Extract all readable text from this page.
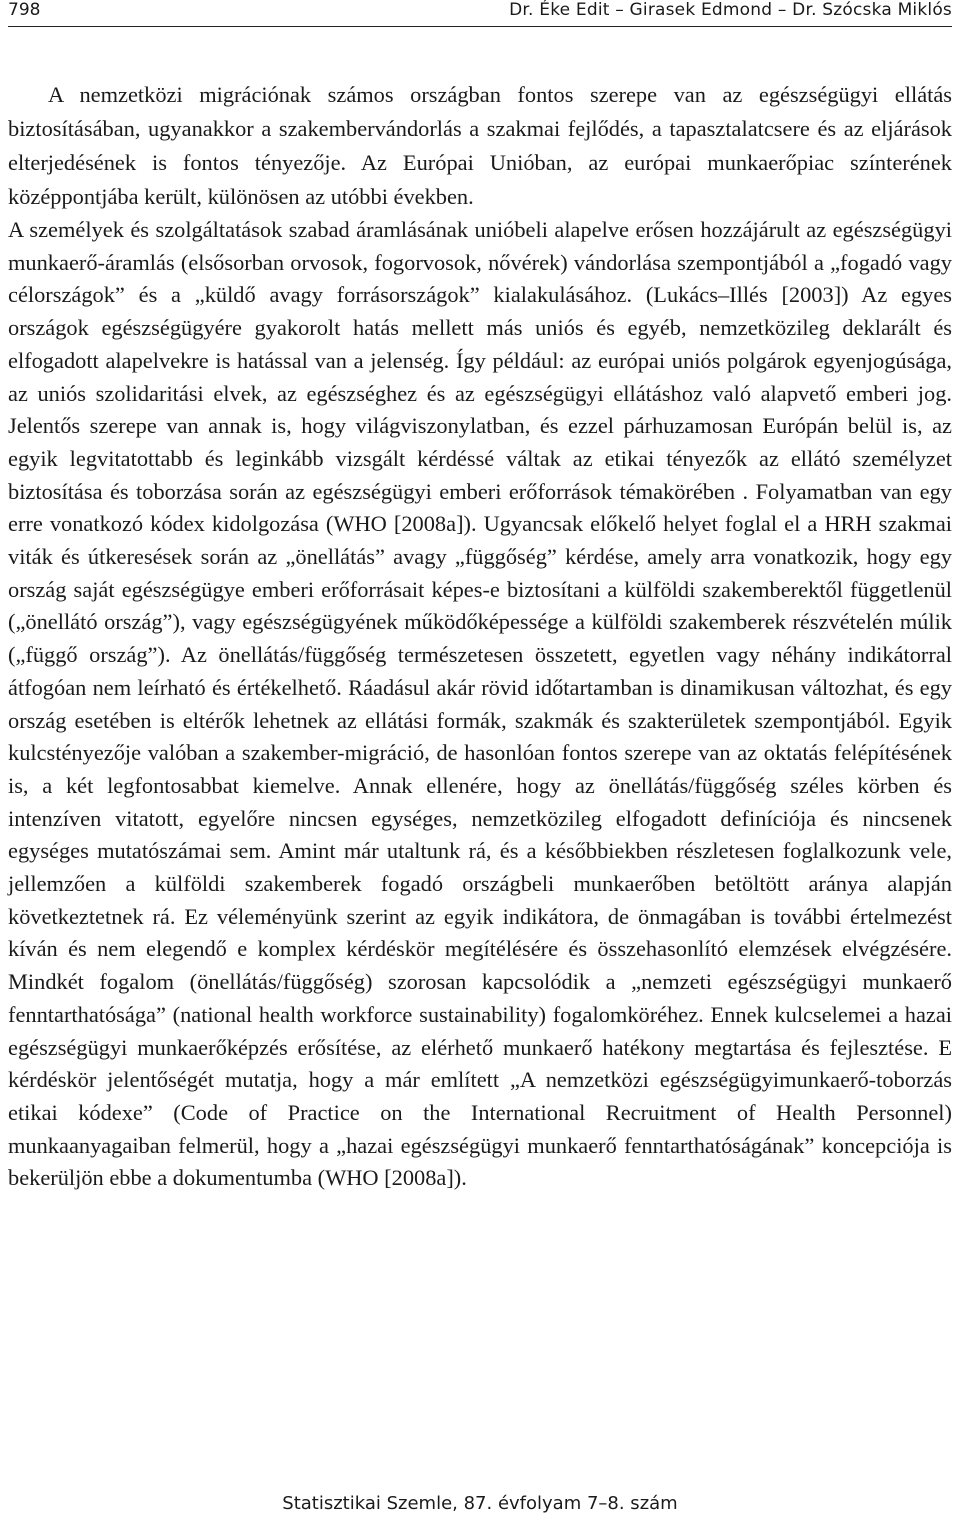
798	Dr. Éke Edit – Girasek Edmond – Dr. Szócska Miklós

A nemzetközi migrációnak számos országban fontos szerepe van az egészségügyi ellátás biztosításában, ugyanakkor a szakembervándorlás a szakmai fejlődés, a tapasztalatcsere és az eljárások elterjedésének is fontos tényezője. Az Európai Unióban, az európai munkaerőpiac színterének középpontjába került, különösen az utóbbi években.

A személyek és szolgáltatások szabad áramlásának unióbeli alapelve erősen hozzájárult az egészségügyi munkaerő-áramlás (elsősorban orvosok, fogorvosok, nővérek) vándorlása szempontjából a „fogadó vagy célországok” és a „küldő avagy forrásországok” kialakulásához. (Lukács–Illés [2003]) Az egyes országok egészségügyére gyakorolt hatás mellett más uniós és egyéb, nemzetközileg deklarált és elfogadott alapelvekre is hatással van a jelenség. Így például: az európai uniós polgárok egyenjogúsága, az uniós szolidaritási elvek, az egészséghez és az egészségügyi ellátáshoz való alapvető emberi jog. Jelentős szerepe van annak is, hogy világviszonylatban, és ezzel párhuzamosan Európán belül is, az egyik legvitatottabb és leginkább vizsgált kérdéssé váltak az etikai tényezők az ellátó személyzet biztosítása és toborzása során az egészségügyi emberi erőforrások témakörében . Folyamatban van egy erre vonatkozó kódex kidolgozása (WHO [2008a]). Ugyancsak előkelő helyet foglal el a HRH szakmai viták és útkeresések során az „önellátás” avagy „függőség” kérdése, amely arra vonatkozik, hogy egy ország saját egészségügye emberi erőforrásait képes-e biztosítani a külföldi szakemberektől függetlenül („önellátó ország”), vagy egészségügyének működőképessége a külföldi szakemberek részvételén múlik („függő ország”). Az önellátás/függőség természetesen összetett, egyetlen vagy néhány indikátorral átfogóan nem leírható és értékelhető. Ráadásul akár rövid időtartamban is dinamikusan változhat, és egy ország esetében is eltérők lehetnek az ellátási formák, szakmák és szakterületek szempontjából. Egyik kulcstényezője valóban a szakember-migráció, de hasonlóan fontos szerepe van az oktatás felépítésének is, a két legfontosabbat kiemelve. Annak ellenére, hogy az önellátás/függőség széles körben és intenzíven vitatott, egyelőre nincsen egységes, nemzetközileg elfogadott definíciója és nincsenek egységes mutatószámai sem. Amint már utaltunk rá, és a későbbiekben részletesen foglalkozunk vele, jellemzően a külföldi szakemberek fogadó országbeli munkaerőben betöltött aránya alapján következtetnek rá. Ez véleményünk szerint az egyik indikátora, de önmagában is további értelmezést kíván és nem elegendő e komplex kérdéskör megítélésére és összehasonlító elemzések elvégzésére. Mindkét fogalom (önellátás/függőség) szorosan kapcsolódik a „nemzeti egészségügyi munkaerő fenntarthatósága” (national health workforce sustainability) fogalomköréhez. Ennek kulcselemei a hazai egészségügyi munkaerőképzés erősítése, az elérhető munkaerő hatékony megtartása és fejlesztése. E kérdéskör jelentőségét mutatja, hogy a már említett „A nemzetközi egészségügyimunkaerő-toborzás etikai kódexe” (Code of Practice on the International Recruitment of Health Personnel) munkaanyagaiban felmerül, hogy a „hazai egészségügyi munkaerő fenntarthatóságának” koncepciója is bekerüljön ebbe a dokumentumba (WHO [2008a]).

Statisztikai Szemle, 87. évfolyam 7–8. szám
